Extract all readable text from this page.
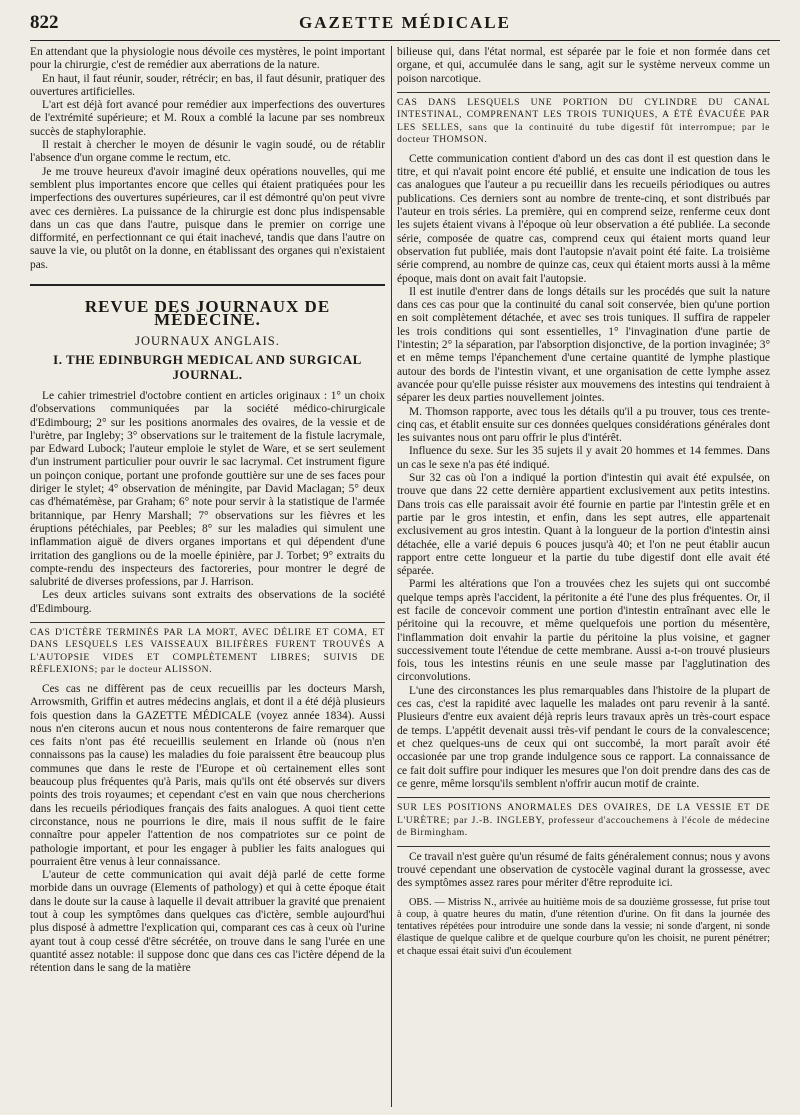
822	GAZETTE MÉDICALE

En attendant que la physiologie nous dévoile ces mystères, le point important pour la chirurgie, c'est de remédier aux aberrations de la nature.

En haut, il faut réunir, souder, rétrécir; en bas, il faut désunir, pratiquer des ouvertures artificielles.

L'art est déjà fort avancé pour remédier aux imperfections des ouvertures de l'extrémité supérieure; et M. Roux a comblé la lacune par ses nombreux succès de staphyloraphie.

Il restait à chercher le moyen de désunir le vagin soudé, ou de rétablir l'absence d'un organe comme le rectum, etc.

Je me trouve heureux d'avoir imaginé deux opérations nouvelles, qui me semblent plus importantes encore que celles qui étaient pratiquées pour les imperfections des ouvertures supérieures, car il est démontré qu'on peut vivre avec ces dernières. La puissance de la chirurgie est donc plus indispensable dans un cas que dans l'autre, puisque dans le premier on corrige une difformité, en perfectionnant ce qui était inachevé, tandis que dans l'autre on sauve la vie, ou plutôt on la donne, en établissant des organes qui n'existaient pas.

REVUE DES JOURNAUX DE MÉDECINE.
JOURNAUX ANGLAIS.
I. THE EDINBURGH MEDICAL AND SURGICAL JOURNAL.

Le cahier trimestriel d'octobre contient en articles originaux : 1° un choix d'observations communiquées par la société médico-chirurgicale d'Edimbourg; 2° sur les positions anormales des ovaires, de la vessie et de l'urètre, par Ingleby; 3° observations sur le traitement de la fistule lacrymale, par Edward Lubock; l'auteur emploie le stylet de Ware, et se sert seulement d'un instrument particulier pour ouvrir le sac lacrymal. Cet instrument figure un poinçon conique, portant une profonde gouttière sur une de ses faces pour diriger le stylet; 4° observation de méningite, par David Maclagan; 5° deux cas d'hématémèse, par Graham; 6° note pour servir à la statistique de l'armée britannique, par Henry Marshall; 7° observations sur les fièvres et les éruptions pétéchiales, par Peebles; 8° sur les maladies qui simulent une inflammation aiguë de divers organes importans et qui dépendent d'une irritation des ganglions ou de la moelle épinière, par J. Torbet; 9° extraits du compte-rendu des inspecteurs des factoreries, pour montrer le degré de salubrité de diverses professions, par J. Harrison.

Les deux articles suivans sont extraits des observations de la société d'Edimbourg.

CAS D'ICTÈRE TERMINÉS PAR LA MORT, AVEC DÉLIRE ET COMA, ET DANS LESQUELS LES VAISSEAUX BILIFÈRES FURENT TROUVÉS A L'AUTOPSIE VIDES ET COMPLÈTEMENT LIBRES; SUIVIS DE RÉFLEXIONS; par le docteur ALISSON.

Ces cas ne diffèrent pas de ceux recueillis par les docteurs Marsh, Arrowsmith, Griffin et autres médecins anglais, et dont il a été déjà plusieurs fois question dans la GAZETTE MÉDICALE (voyez année 1834). Aussi nous n'en citerons aucun et nous nous contenterons de faire remarquer que ces faits n'ont pas été recueillis seulement en Irlande où (nous n'en connaissons pas la cause) les maladies du foie paraissent être beaucoup plus communes que dans le reste de l'Europe et où certainement elles sont beaucoup plus fréquentes qu'à Paris, mais qu'ils ont été observés sur divers points des trois royaumes; et cependant c'est en vain que nous chercherions dans les recueils périodiques français des faits analogues. A quoi tient cette circonstance, nous ne pourrions le dire, mais il nous suffit de le faire connaître pour appeler l'attention de nos compatriotes sur ce point de pathologie important, et pour les engager à publier les faits analogues qui pourraient être venus à leur connaissance.

L'auteur de cette communication qui avait déjà parlé de cette forme morbide dans un ouvrage (Elements of pathology) et qui à cette époque était dans le doute sur la cause à laquelle il devait attribuer la gravité que prenaient tout à coup les symptômes dans quelques cas d'ictère, semble aujourd'hui plus disposé à admettre l'explication qui, comparant ces cas à ceux où l'urine ayant tout à coup cessé d'être sécrétée, on trouve dans le sang l'urée en une quantité assez notable: il suppose donc que dans ces cas l'ictère dépend de la rétention dans le sang de la matière

bilieuse qui, dans l'état normal, est séparée par le foie et non formée dans cet organe, et qui, accumulée dans le sang, agit sur le système nerveux comme un poison narcotique.

CAS DANS LESQUELS UNE PORTION DU CYLINDRE DU CANAL INTESTINAL, COMPRENANT LES TROIS TUNIQUES, A ÉTÉ ÉVACUÉE PAR LES SELLES, sans que la continuité du tube digestif fût interrompue; par le docteur THOMSON.

Cette communication contient d'abord un des cas dont il est question dans le titre, et qui n'avait point encore été publié, et ensuite une indication de tous les cas analogues que l'auteur a pu recueillir dans les recueils périodiques ou autres publications. Ces derniers sont au nombre de trente-cinq, et sont distribués par l'auteur en trois séries. La première, qui en comprend seize, renferme ceux dont les sujets étaient vivans à l'époque où leur observation a été publiée. La seconde série, composée de quatre cas, comprend ceux qui étaient morts quand leur observation fut publiée, mais dont l'autopsie n'avait point été faite. La troisième série comprend, au nombre de quinze cas, ceux qui étaient morts aussi à la même époque, mais dont on avait fait l'autopsie.

Il est inutile d'entrer dans de longs détails sur les procédés que suit la nature dans ces cas pour que la continuité du canal soit conservée, bien qu'une portion en soit complètement détachée, et avec ses trois tuniques. Il suffira de rappeler les trois conditions qui sont essentielles, 1° l'invagination d'une partie de l'intestin; 2° la séparation, par l'absorption disjonctive, de la portion invaginée; 3° et en même temps l'épanchement d'une certaine quantité de lymphe plastique autour des bords de l'intestin vivant, et une organisation de cette lymphe assez avancée pour qu'elle puisse résister aux mouvemens des intestins qui tendraient à séparer les deux parties nouvellement jointes.

M. Thomson rapporte, avec tous les détails qu'il a pu trouver, tous ces trente-cinq cas, et établit ensuite sur ces données quelques considérations générales dont les suivantes nous ont paru offrir le plus d'intérêt.

Influence du sexe. Sur les 35 sujets il y avait 20 hommes et 14 femmes. Dans un cas le sexe n'a pas été indiqué.

Sur 32 cas où l'on a indiqué la portion d'intestin qui avait été expulsée, on trouve que dans 22 cette dernière appartient exclusivement aux petits intestins. Dans trois cas elle paraissait avoir été fournie en partie par l'intestin grêle et en partie par le gros intestin, et enfin, dans les sept autres, elle appartenait exclusivement au gros intestin. Quant à la longueur de la portion d'intestin ainsi détachée, elle a varié depuis 6 pouces jusqu'à 40; et l'on ne peut établir aucun rapport entre cette longueur et la partie du tube digestif dont elle avait été séparée.

Parmi les altérations que l'on a trouvées chez les sujets qui ont succombé quelque temps après l'accident, la péritonite a été l'une des plus fréquentes. Or, il est facile de concevoir comment une portion d'intestin entraînant avec elle le péritoine qui la recouvre, et même quelquefois une portion du mésentère, l'inflammation doit envahir la partie du péritoine la plus voisine, et gagner successivement toute l'étendue de cette membrane. Aussi a-t-on trouvé plusieurs fois, tous les intestins réunis en une seule masse par l'agglutination des circonvolutions.

L'une des circonstances les plus remarquables dans l'histoire de la plupart de ces cas, c'est la rapidité avec laquelle les malades ont paru revenir à la santé. Plusieurs d'entre eux avaient déjà repris leurs travaux après un très-court espace de temps. L'appétit devenait aussi très-vif pendant le cours de la convalescence; et chez quelques-uns de ceux qui ont succombé, la mort paraît avoir été occasionée par une trop grande indulgence sous ce rapport. La connaissance de ce fait doit suffire pour indiquer les mesures que l'on doit prendre dans des cas de ce genre, même lorsqu'ils semblent n'offrir aucun motif de crainte.

SUR LES POSITIONS ANORMALES DES OVAIRES, DE LA VESSIE ET DE L'URÈTRE; par J.-B. INGLEBY, professeur d'accouchemens à l'école de médecine de Birmingham.

Ce travail n'est guère qu'un résumé de faits généralement connus; nous y avons trouvé cependant une observation de cystocèle vaginal durant la grossesse, avec des symptômes assez rares pour mériter d'être reproduite ici.

OBS. — Mistriss N., arrivée au huitième mois de sa douzième grossesse, fut prise tout à coup, à quatre heures du matin, d'une rétention d'urine. On fit dans la journée des tentatives répétées pour introduire une sonde dans la vessie; ni sonde d'argent, ni sonde élastique de quelque calibre et de quelque courbure qu'on les choisit, ne purent pénétrer; et chaque essai était suivi d'un écoulement
